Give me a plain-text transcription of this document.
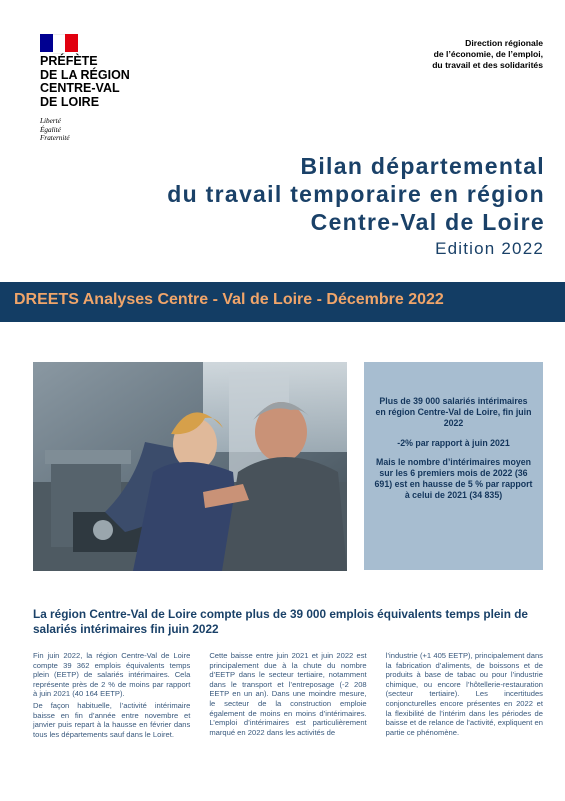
PRÉFÈTE
DE LA RÉGION
CENTRE-VAL
DE LOIRE
Liberté
Égalité
Fraternité
Direction régionale
de l’économie, de l’emploi,
du travail et des solidarités
Bilan départemental
du travail temporaire en région
Centre-Val de Loire
Edition 2022
DREETS Analyses Centre - Val de Loire - Décembre 2022

Plus de 39 000 salariés intérimaires en région Centre-Val de Loire, fin juin 2022

-2% par rapport à juin 2021

Mais le nombre d’intérimaires moyen sur les 6 premiers mois de 2022 (36 691) est en hausse de 5 % par rapport à celui de 2021 (34 835)

La région Centre-Val de Loire compte plus de 39 000 emplois équivalents temps plein de salariés intérimaires fin juin 2022

Fin juin 2022, la région Centre-Val de Loire compte 39 362 emplois équivalents temps plein (EETP) de salariés intérimaires. Cela représente près de 2 % de moins par rapport à juin 2021 (40 164 EETP).

De façon habituelle, l’activité intérimaire baisse en fin d’année entre novembre et janvier puis repart à la hausse en février dans tous les départements sauf dans le Loiret.

Cette baisse entre juin 2021 et juin 2022 est principalement due à la chute du nombre d’EETP dans le secteur tertiaire, notamment dans le transport et l’entreposage (-2 208 EETP en un an). Dans une moindre mesure, le secteur de la construction emploie également de moins en moins d’intérimaires. L’emploi d’intérimaires est particulièrement marqué en 2022 dans les activités de

l’industrie (+1 405 EETP), principalement dans la fabrication d’aliments, de boissons et de produits à base de tabac ou pour l’industrie chimique, ou encore l’hôtellerie-restauration (secteur tertiaire). Les incertitudes conjoncturelles encore présentes en 2022 et la flexibilité de l’intérim dans les périodes de baisse et de relance de l’activité, expliquent en partie ce phénomène.
